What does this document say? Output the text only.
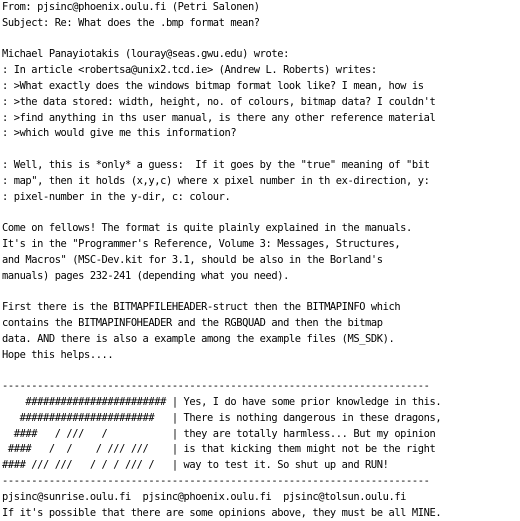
From: pjsinc@phoenix.oulu.fi (Petri Salonen)
Subject: Re: What does the .bmp format mean?
Michael Panayiotakis (louray@seas.gwu.edu) wrote:
: In article <robertsa@unix2.tcd.ie> (Andrew L. Roberts) writes:
: >What exactly does the windows bitmap format look like? I mean, how is
: >the data stored: width, height, no. of colours, bitmap data? I couldn't
: >find anything in ths user manual, is there any other reference material
: >which would give me this information?
: Well, this is *only* a guess:  If it goes by the "true" meaning of "bit
: map", then it holds (x,y,c) where x pixel number in th ex-direction, y:
: pixel-number in the y-dir, c: colour.
Come on fellows! The format is quite plainly explained in the manuals.
It's in the "Programmer's Reference, Volume 3: Messages, Structures,
and Macros" (MSC-Dev.kit for 3.1, should be also in the Borland's
manuals) pages 232-241 (depending what you need).
First there is the BITMAPFILEHEADER-struct then the BITMAPINFO which
contains the BITMAPINFOHEADER and the RGBQUAD and then the bitmap
data. AND there is also a example among the example files (MS_SDK).
Hope this helps....
-------------------------------------------------------------------------
######################## | Yes, I do have some prior knowledge in this.
#######################   | There is nothing dangerous in these dragons,
####   / ///   /           | they are totally harmless... But my opinion
####   /  /    / /// ///    | is that kicking them might not be the right
#### /// ///   / / / /// /   | way to test it. So shut up and RUN!
-------------------------------------------------------------------------
pjsinc@sunrise.oulu.fi  pjsinc@phoenix.oulu.fi  pjsinc@tolsun.oulu.fi
If it's possible that there are some opinions above, they must be all MINE.
